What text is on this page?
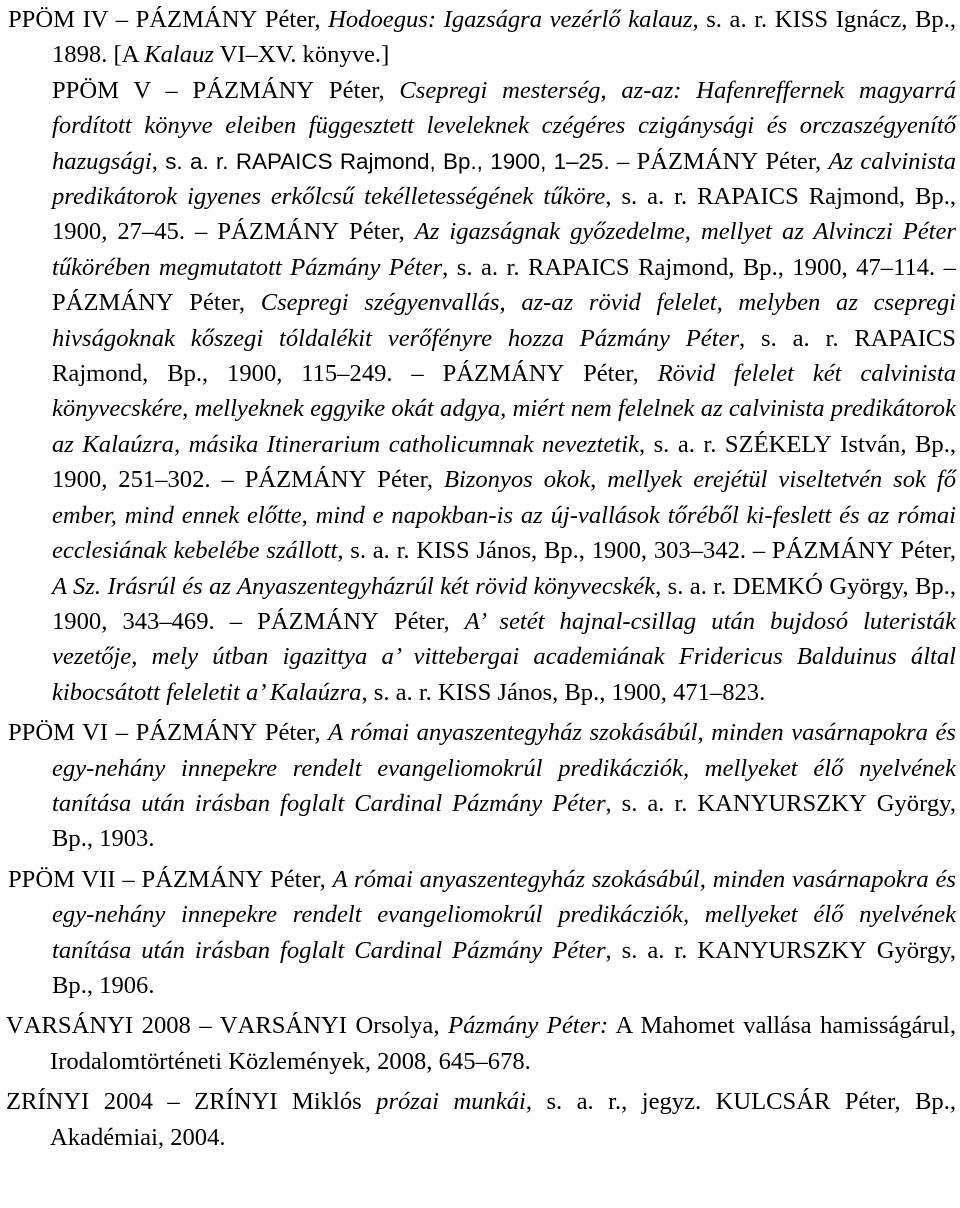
PPÖM IV – PÁZMÁNY Péter, Hodoegus: Igazságra vezérlő kalauz, s. a. r. KISS Ignácz, Bp., 1898. [A Kalauz VI–XV. könyve.]
PPÖM V – PÁZMÁNY Péter, Csepregi mesterség, az-az: Hafenreffernek magyarrá fordított könyve eleiben függesztett leveleknek czégéres czigánysági és orczaszégyenítő hazugsági, s. a. r. RAPAICS Rajmond, Bp., 1900, 1–25. – PÁZMÁNY Péter, Az calvinista predikátorok igyenes erkőlcsű tekélletességének tűköre, s. a. r. RAPAICS Rajmond, Bp., 1900, 27–45. – PÁZMÁNY Péter, Az igazságnak győzedelme, mellyet az Alvinczi Péter tűkörében megmutatott Pázmány Péter, s. a. r. RAPAICS Rajmond, Bp., 1900, 47–114. – PÁZMÁNY Péter, Csepregi szégyenvallás, az-az rövid felelet, melyben az csepregi hivságoknak kőszegi tóldalékit verőfényre hozza Pázmány Péter, s. a. r. RAPAICS Rajmond, Bp., 1900, 115–249. – PÁZMÁNY Péter, Rövid felelet két calvinista könyvecskére, mellyeknek eggyike okát adgya, miért nem felelnek az calvinista predikátorok az Kalaúzra, másika Itinerarium catholicumnak neveztetik, s. a. r. SZÉKELY István, Bp., 1900, 251–302. – PÁZMÁNY Péter, Bizonyos okok, mellyek erejétül viseltetvén sok fő ember, mind ennek előtte, mind e napokban-is az új-vallások tőréből ki-feslett és az római ecclesiának kebelébe szállott, s. a. r. KISS János, Bp., 1900, 303–342. – PÁZMÁNY Péter, A Sz. Irásrúl és az Anyaszentegyházrúl két rövid könyvecskék, s. a. r. DEMKÓ György, Bp., 1900, 343–469. – PÁZMÁNY Péter, A’ setét hajnal-csillag után bujdosó luteristák vezetője, mely útban igazittya a’ vittebergai academiának Fridericus Balduinus által kibocsátott feleletit a’ Kalaúzra, s. a. r. KISS János, Bp., 1900, 471–823.

PPÖM VI – PÁZMÁNY Péter, A római anyaszentegyház szokásábúl, minden vasárnapokra és egy-nehány innepekre rendelt evangeliomokrúl predikácziók, mellyeket élő nyelvének tanítása után irásban foglalt Cardinal Pázmány Péter, s. a. r. KANYURSZKY György, Bp., 1903.

PPÖM VII – PÁZMÁNY Péter, A római anyaszentegyház szokásábúl, minden vasárnapokra és egy-nehány innepekre rendelt evangeliomokrúl predikácziók, mellyeket élő nyelvének tanítása után irásban foglalt Cardinal Pázmány Péter, s. a. r. KANYURSZKY György, Bp., 1906.

VARSÁNYI 2008 – VARSÁNYI Orsolya, Pázmány Péter: A Mahomet vallása hamisságárul, Irodalomtörténeti Közlemények, 2008, 645–678.

ZRÍNYI 2004 – ZRÍNYI Miklós prózai munkái, s. a. r., jegyz. KULCSÁR Péter, Bp., Akadémiai, 2004.
